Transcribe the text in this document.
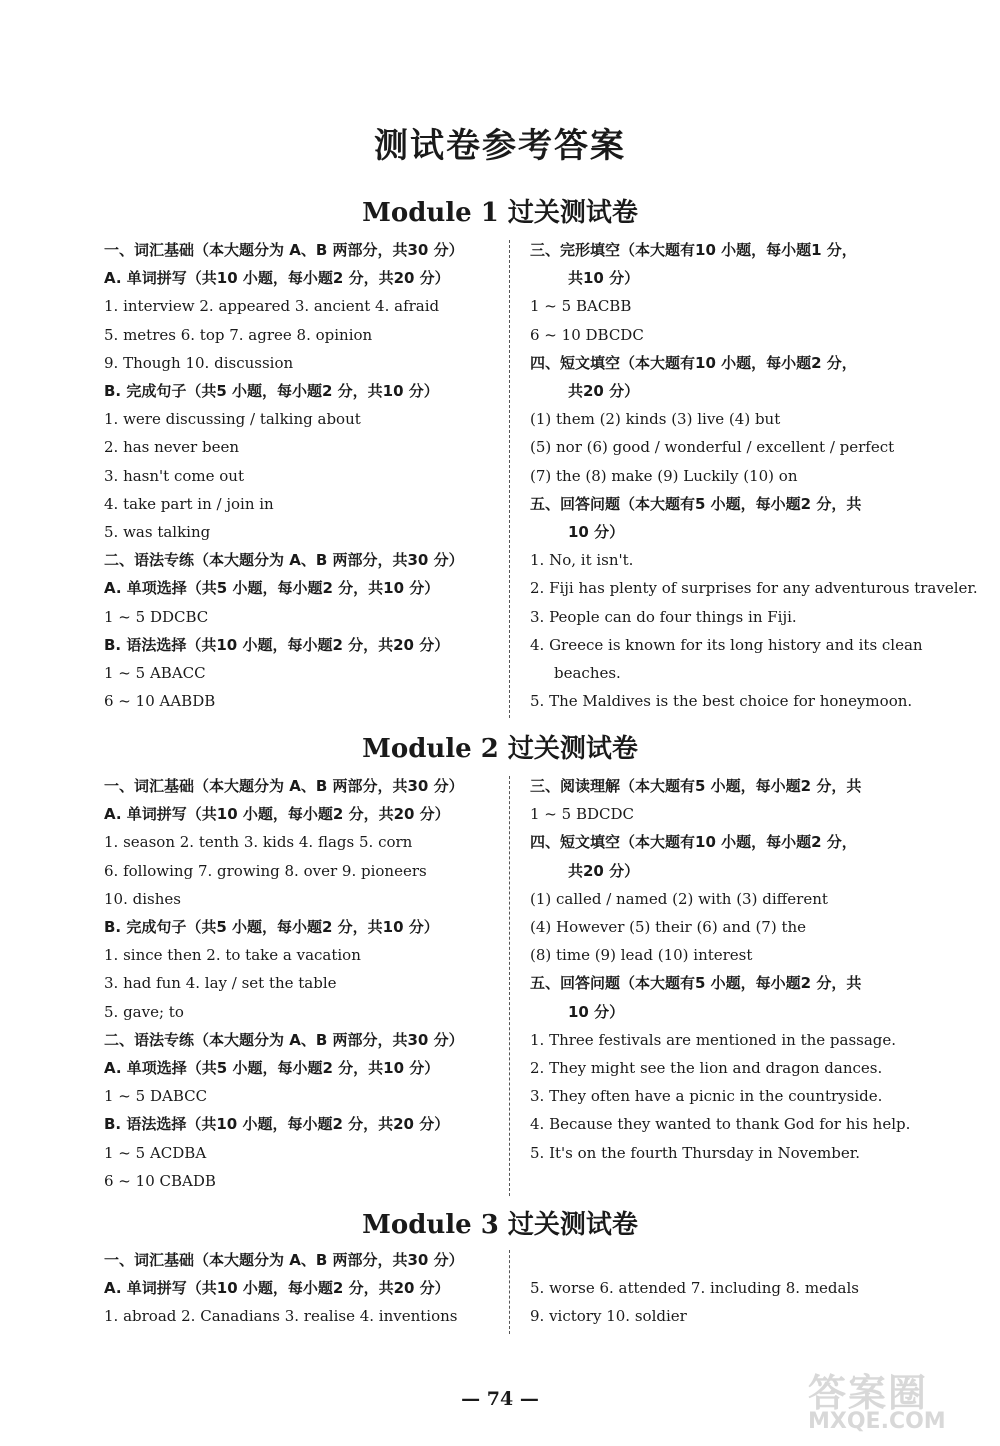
测试卷参考答案
Module 1 过关测试卷
一、词汇基础（本大题分为 A、B 两部分，共30 分）
A. 单词拼写（共10 小题，每小题2 分，共20 分）
1. interview 2. appeared 3. ancient 4. afraid
5. metres 6. top 7. agree 8. opinion
9. Though 10. discussion
B. 完成句子（共5 小题，每小题2 分，共10 分）
1. were discussing / talking about
2. has never been
3. hasn't come out
4. take part in / join in
5. was talking
二、语法专练（本大题分为 A、B 两部分，共30 分）
A. 单项选择（共5 小题，每小题2 分，共10 分）
1 ~ 5 DDCBC
B. 语法选择（共10 小题，每小题2 分，共20 分）
1 ~ 5 ABACC
6 ~ 10 AABDB
三、完形填空（本大题有10 小题，每小题1 分，
共10 分）
1 ~ 5 BACBB
6 ~ 10 DBCDC
四、短文填空（本大题有10 小题，每小题2 分，
共20 分）
(1) them (2) kinds (3) live (4) but
(5) nor (6) good / wonderful / excellent / perfect
(7) the (8) make (9) Luckily (10) on
五、回答问题（本大题有5 小题，每小题2 分，共
10 分）
1. No, it isn't.
2. Fiji has plenty of surprises for any adventurous traveler.
3. People can do four things in Fiji.
4. Greece is known for its long history and its clean
beaches.
5. The Maldives is the best choice for honeymoon.
Module 2 过关测试卷
一、词汇基础（本大题分为 A、B 两部分，共30 分）
A. 单词拼写（共10 小题，每小题2 分，共20 分）
1. season 2. tenth 3. kids 4. flags 5. corn
6. following 7. growing 8. over 9. pioneers
10. dishes
B. 完成句子（共5 小题，每小题2 分，共10 分）
1. since then 2. to take a vacation
3. had fun 4. lay / set the table
5. gave; to
二、语法专练（本大题分为 A、B 两部分，共30 分）
A. 单项选择（共5 小题，每小题2 分，共10 分）
1 ~ 5 DABCC
B. 语法选择（共10 小题，每小题2 分，共20 分）
1 ~ 5 ACDBA
6 ~ 10 CBADB
三、阅读理解（本大题有5 小题，每小题2 分，共
1 ~ 5 BDCDC
四、短文填空（本大题有10 小题，每小题2 分，
共20 分）
(1) called / named (2) with (3) different
(4) However (5) their (6) and (7) the
(8) time (9) lead (10) interest
五、回答问题（本大题有5 小题，每小题2 分，共
10 分）
1. Three festivals are mentioned in the passage.
2. They might see the lion and dragon dances.
3. They often have a picnic in the countryside.
4. Because they wanted to thank God for his help.
5. It's on the fourth Thursday in November.
Module 3 过关测试卷
一、词汇基础（本大题分为 A、B 两部分，共30 分）
A. 单词拼写（共10 小题，每小题2 分，共20 分）
1. abroad 2. Canadians 3. realise 4. inventions
5. worse 6. attended 7. including 8. medals
9. victory 10. soldier
— 74 —	答案圈
MXQE.COM
